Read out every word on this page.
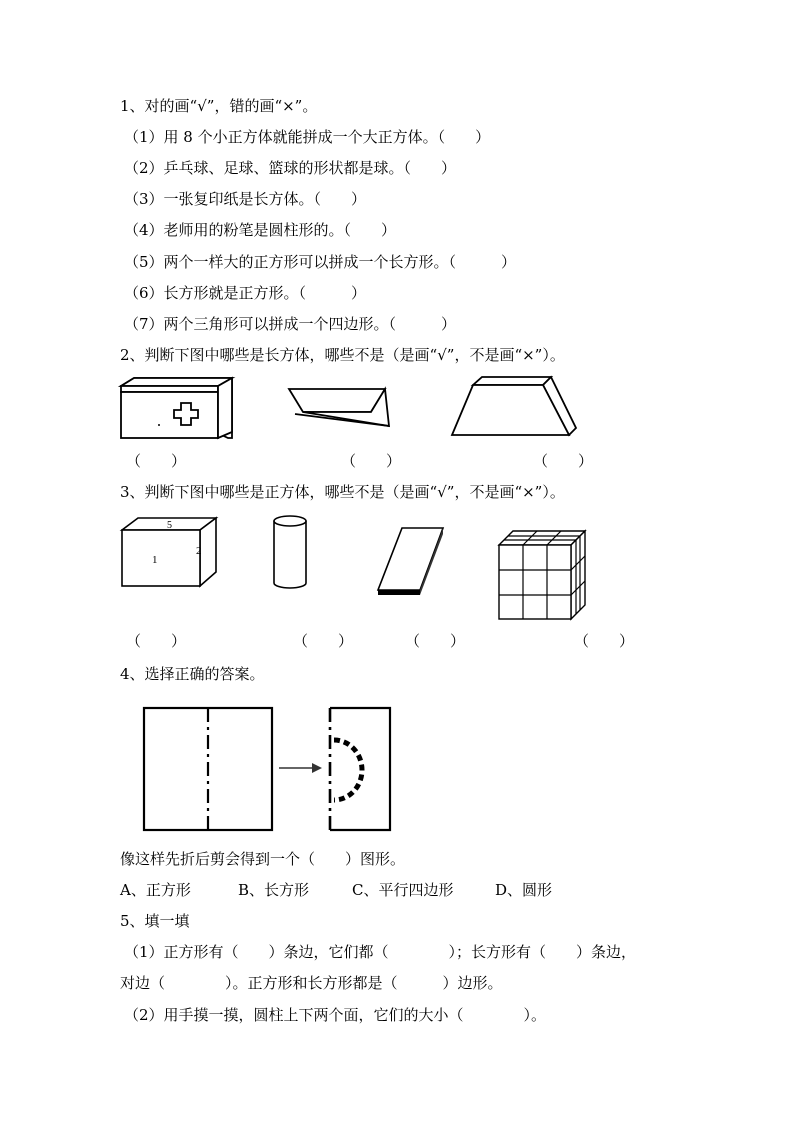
1、对的画“√”，错的画“×”。
（1）用 8 个小正方体就能拼成一个大正方体。（　　）
（2）乒乓球、足球、篮球的形状都是球。（　　）
（3）一张复印纸是长方体。（　　）
（4）老师用的粉笔是圆柱形的。（　　）
（5）两个一样大的正方形可以拼成一个长方形。（　　　）
（6）长方形就是正方形。（　　　）
（7）两个三角形可以拼成一个四边形。（　　　）
2、判断下图中哪些是长方体，哪些不是（是画“√”，不是画“×”）。
（　　）	（　　）	（　　）
3、判断下图中哪些是正方体，哪些不是（是画“√”，不是画“×”）。
5
1
2
（　　）	（　　）	（　　）	（　　）
4、选择正确的答案。
像这样先折后剪会得到一个（　　）图形。
A、正方形	B、长方形	C、平行四边形	D、圆形
5、填一填
（1）正方形有（　　）条边，它们都（　　　　）；长方形有（　　）条边，
对边（　　　　）。正方形和长方形都是（　　　）边形。
（2）用手摸一摸，圆柱上下两个面，它们的大小（　　　　）。
